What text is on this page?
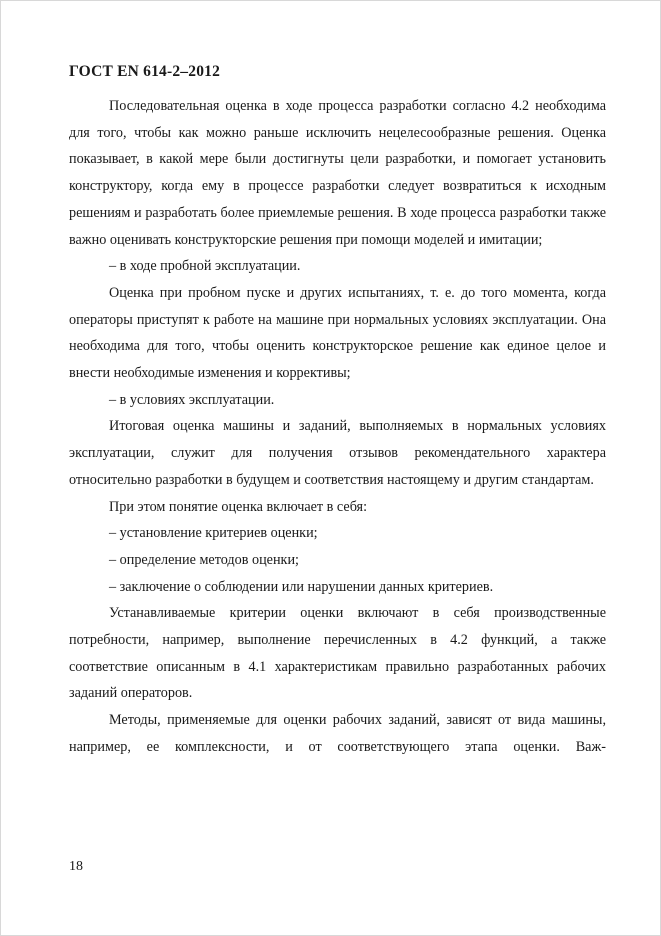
ГОСТ EN 614-2–2012

Последовательная оценка в ходе процесса разработки согласно 4.2 необходима для того, чтобы как можно раньше исключить нецелесообразные решения. Оценка показывает, в какой мере были достигнуты цели разработки, и помогает установить конструктору, когда ему в процессе разработки следует возвратиться к исходным решениям и разработать более приемлемые решения. В ходе процесса разработки также важно оценивать конструкторские решения при помощи моделей и имитации;

– в ходе пробной эксплуатации.

Оценка при пробном пуске и других испытаниях, т. е. до того момента, когда операторы приступят к работе на машине при нормальных условиях эксплуатации. Она необходима для того, чтобы оценить конструкторское решение как единое целое и внести необходимые изменения и коррективы;

– в условиях эксплуатации.

Итоговая оценка машины и заданий, выполняемых в нормальных условиях эксплуатации, служит для получения отзывов рекомендательного характера относительно разработки в будущем и соответствия настоящему и другим стандартам.

При этом понятие оценка включает в себя:

– установление критериев оценки;

– определение методов оценки;

– заключение о соблюдении или нарушении данных критериев.

Устанавливаемые критерии оценки включают в себя производственные потребности, например, выполнение перечисленных в 4.2 функций, а также соответствие описанным в 4.1 характеристикам правильно разработанных рабочих заданий операторов.

Методы, применяемые для оценки рабочих заданий, зависят от вида машины, например, ее комплексности, и от соответствующего этапа оценки. Важ-

18
